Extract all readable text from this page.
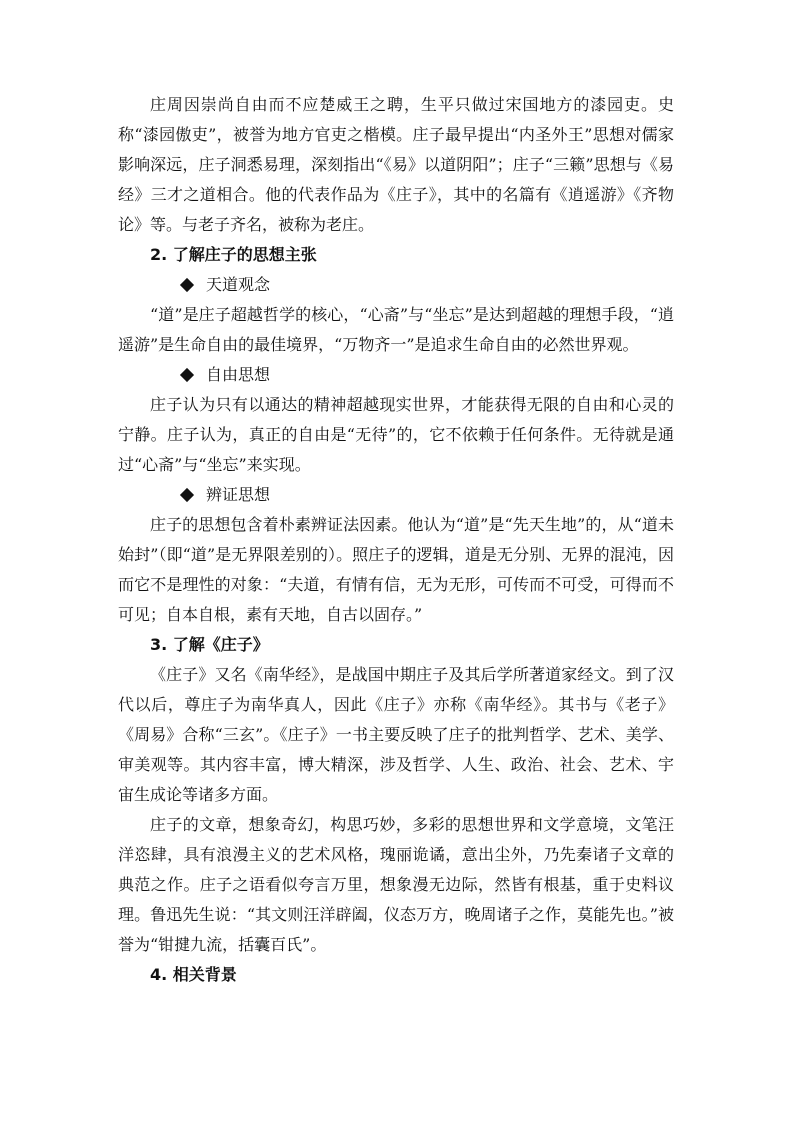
庄周因崇尚自由而不应楚威王之聘，生平只做过宋国地方的漆园吏。史称“漆园傲吏”，被誉为地方官吏之楷模。庄子最早提出“内圣外王”思想对儒家影响深远，庄子洞悉易理，深刻指出“《易》以道阴阳”；庄子“三籁”思想与《易经》三才之道相合。他的代表作品为《庄子》，其中的名篇有《逍遥游》《齐物论》等。与老子齐名，被称为老庄。

2. 了解庄子的思想主张

天道观念

“道”是庄子超越哲学的核心，“心斋”与“坐忘”是达到超越的理想手段，“逍遥游”是生命自由的最佳境界，“万物齐一”是追求生命自由的必然世界观。

自由思想

庄子认为只有以通达的精神超越现实世界，才能获得无限的自由和心灵的宁静。庄子认为，真正的自由是“无待”的，它不依赖于任何条件。无待就是通过“心斋”与“坐忘”来实现。

辨证思想

庄子的思想包含着朴素辨证法因素。他认为“道”是“先天生地”的，从“道未始封”（即“道”是无界限差别的）。照庄子的逻辑，道是无分别、无界的混沌，因而它不是理性的对象：“夫道，有情有信，无为无形，可传而不可受，可得而不可见；自本自根，素有天地，自古以固存。”

3. 了解《庄子》

《庄子》又名《南华经》，是战国中期庄子及其后学所著道家经文。到了汉代以后，尊庄子为南华真人，因此《庄子》亦称《南华经》。其书与《老子》《周易》合称“三玄”。《庄子》一书主要反映了庄子的批判哲学、艺术、美学、审美观等。其内容丰富，博大精深，涉及哲学、人生、政治、社会、艺术、宇宙生成论等诸多方面。

庄子的文章，想象奇幻，构思巧妙，多彩的思想世界和文学意境，文笔汪洋恣肆，具有浪漫主义的艺术风格，瑰丽诡谲，意出尘外，乃先秦诸子文章的典范之作。庄子之语看似夸言万里，想象漫无边际，然皆有根基，重于史料议理。鲁迅先生说：“其文则汪洋辟阖，仪态万方，晚周诸子之作，莫能先也。”被誉为“钳揵九流，括囊百氏”。

4. 相关背景
